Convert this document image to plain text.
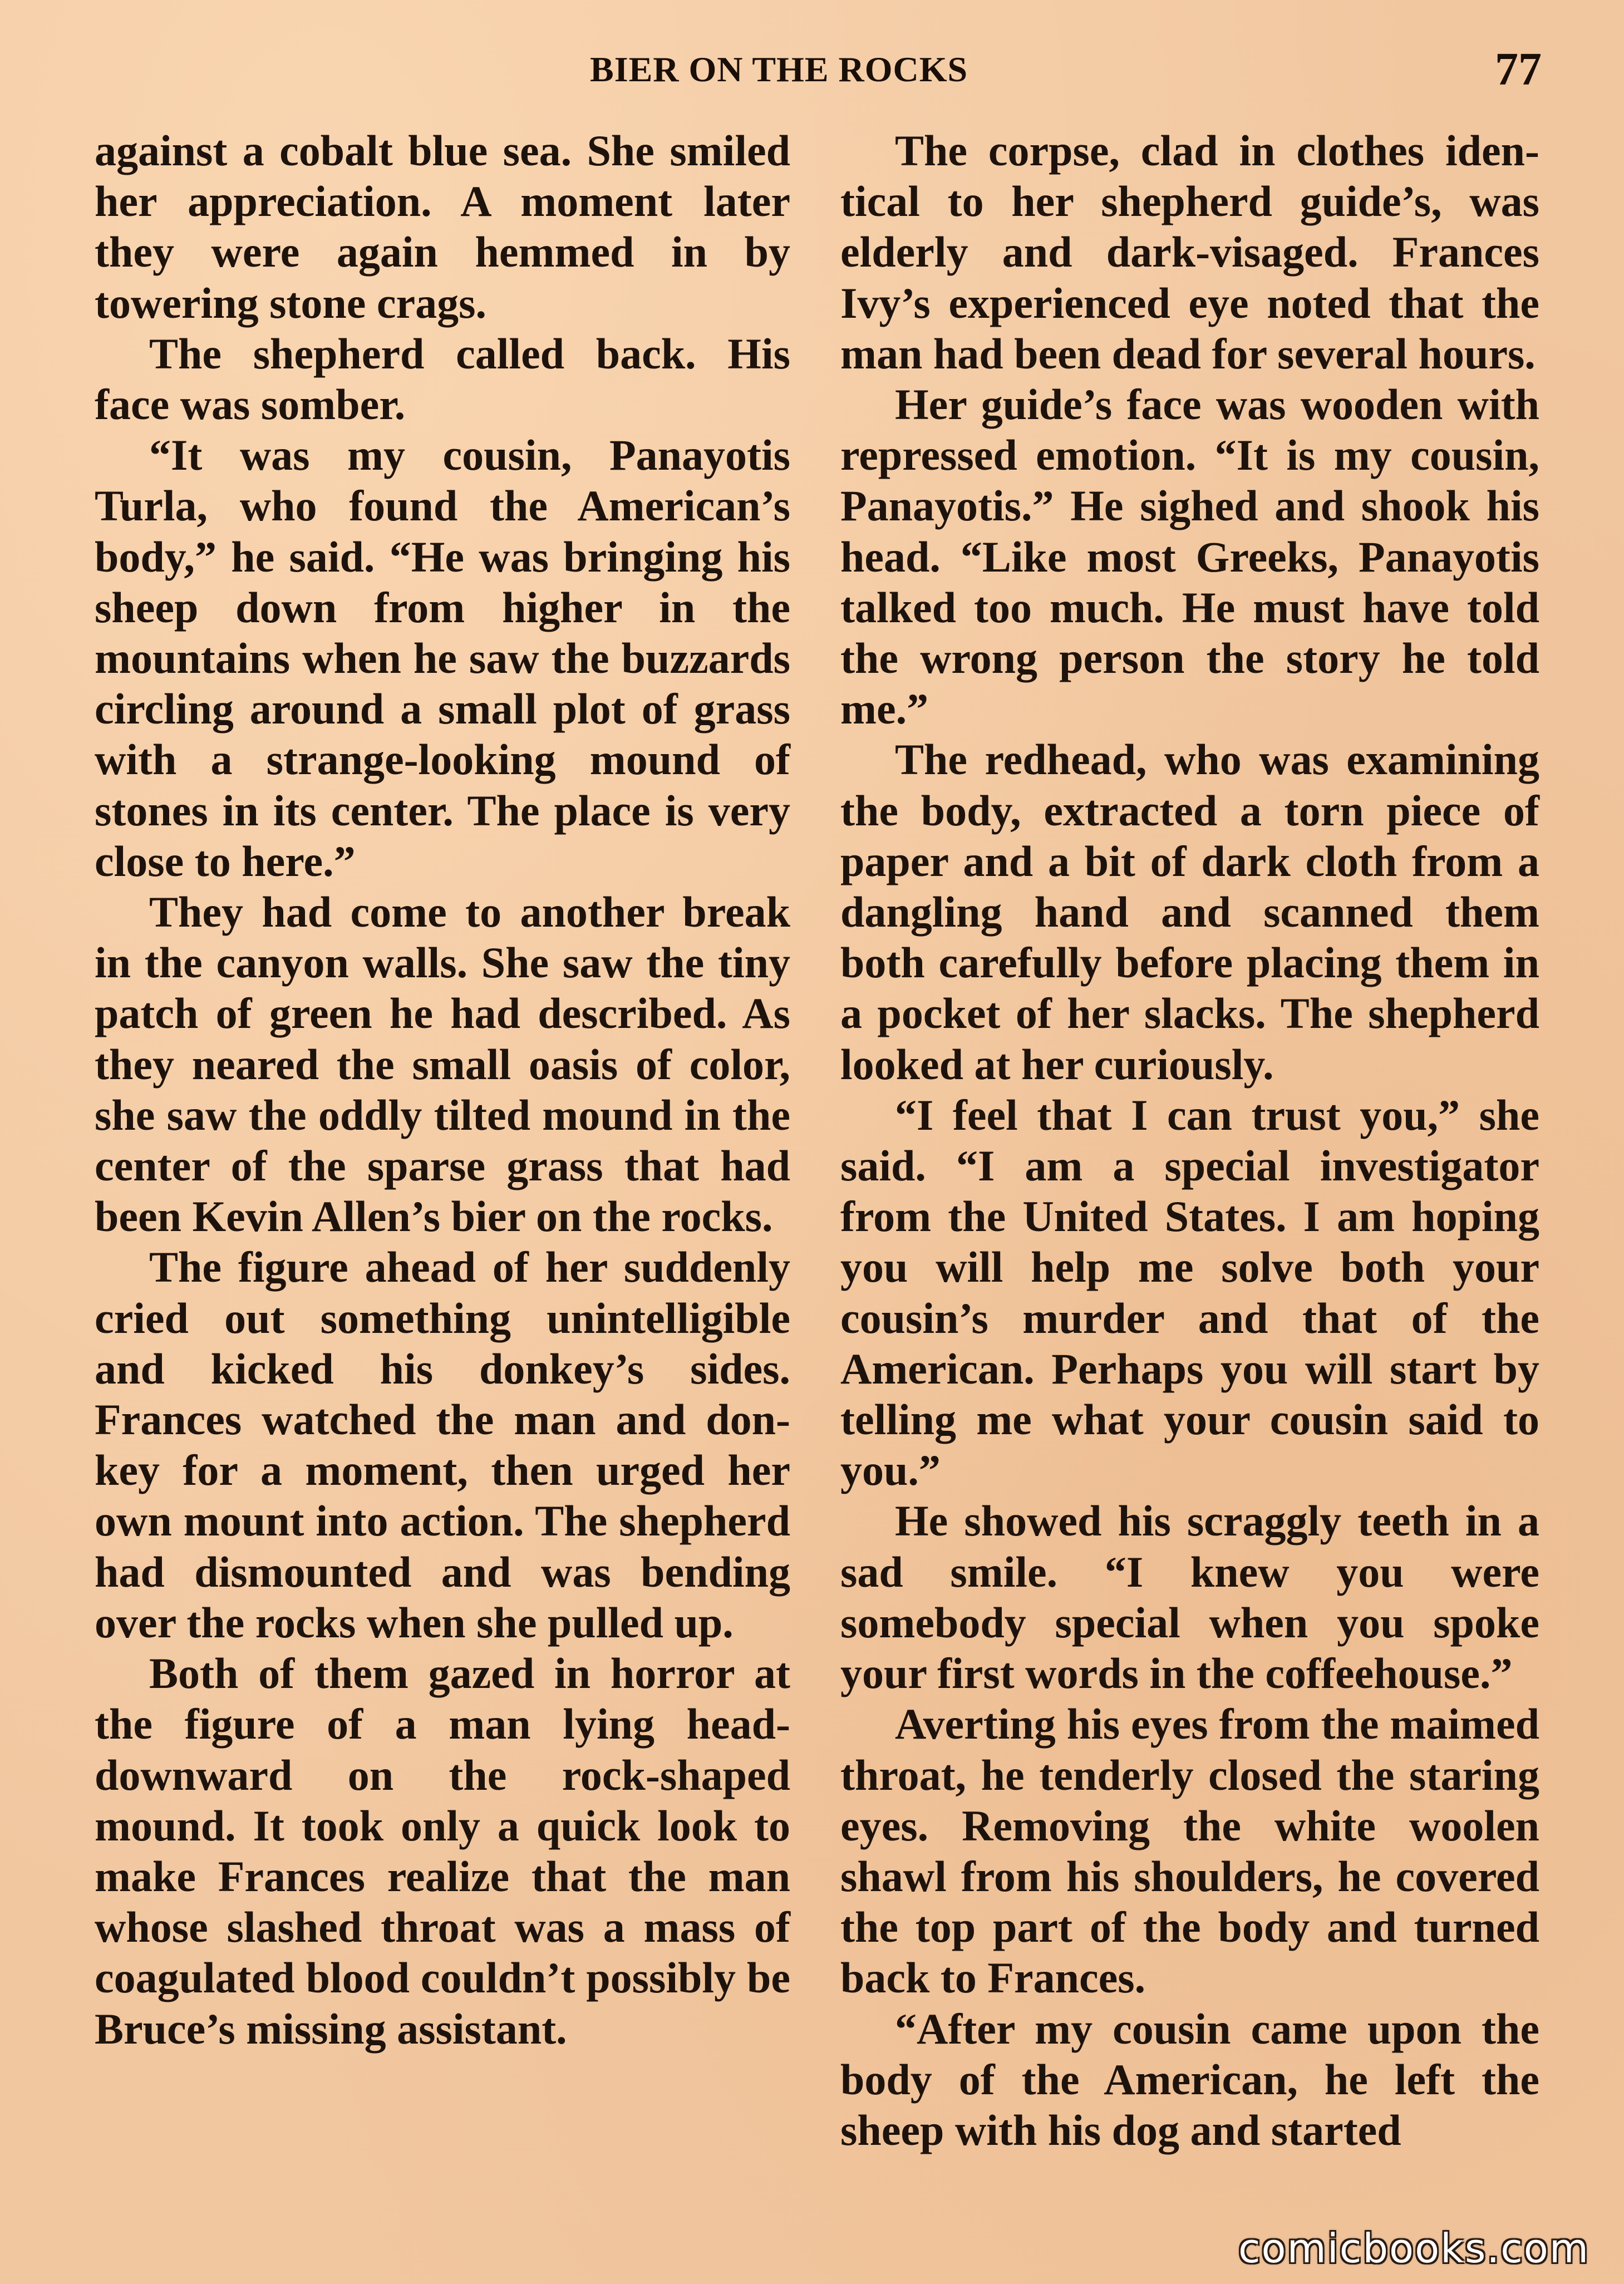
BIER ON THE ROCKS	77

against a cobalt blue sea. She smiled her appreciation. A moment later they were again hemmed in by towering stone crags.

The shepherd called back. His face was somber.

“It was my cousin, Panayotis Turla, who found the American’s body,” he said. “He was bringing his sheep down from higher in the mountains when he saw the buzzards circling around a small plot of grass with a strange-looking mound of stones in its center. The place is very close to here.”

They had come to another break in the canyon walls. She saw the tiny patch of green he had described. As they neared the small oasis of color, she saw the oddly tilted mound in the center of the sparse grass that had been Kevin Allen’s bier on the rocks.

The figure ahead of her suddenly cried out something unintelligible and kicked his donkey’s sides. Frances watched the man and donkey for a moment, then urged her own mount into action. The shepherd had dismounted and was bending over the rocks when she pulled up.

Both of them gazed in horror at the figure of a man lying headdownward on the rock-shaped mound. It took only a quick look to make Frances realize that the man whose slashed throat was a mass of coagulated blood couldn’t possibly be Bruce’s missing assistant.

The corpse, clad in clothes identical to her shepherd guide’s, was elderly and dark-visaged. Frances Ivy’s experienced eye noted that the man had been dead for several hours.

Her guide’s face was wooden with repressed emotion. “It is my cousin, Panayotis.” He sighed and shook his head. “Like most Greeks, Panayotis talked too much. He must have told the wrong person the story he told me.”

The redhead, who was examining the body, extracted a torn piece of paper and a bit of dark cloth from a dangling hand and scanned them both carefully before placing them in a pocket of her slacks. The shepherd looked at her curiously.

“I feel that I can trust you,” she said. “I am a special investigator from the United States. I am hoping you will help me solve both your cousin’s murder and that of the American. Perhaps you will start by telling me what your cousin said to you.”

He showed his scraggly teeth in a sad smile. “I knew you were somebody special when you spoke your first words in the coffeehouse.”

Averting his eyes from the maimed throat, he tenderly closed the staring eyes. Removing the white woolen shawl from his shoulders, he covered the top part of the body and turned back to Frances.

“After my cousin came upon the body of the American, he left the sheep with his dog and started

comicbooks.com
